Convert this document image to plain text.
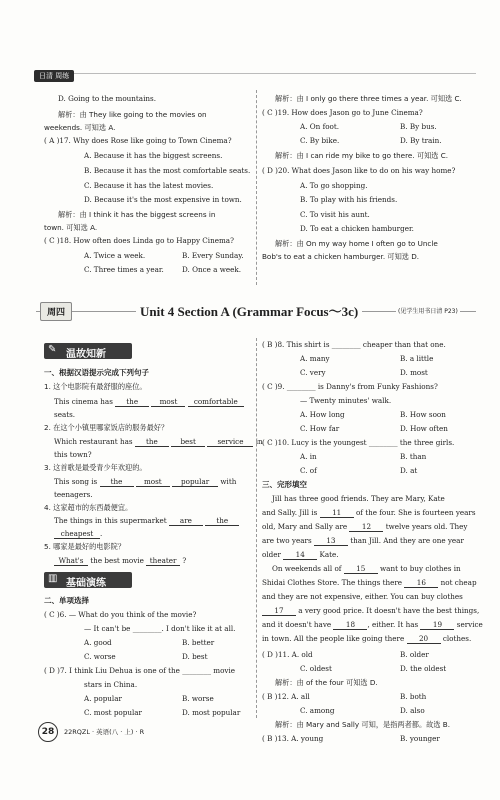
日清 周练
D. Going to the mountains.
解析：由 They like going to the movies on
weekends. 可知选 A.
( A )17. Why does Rose like going to Town Cinema?
A. Because it has the biggest screens.
B. Because it has the most comfortable seats.
C. Because it has the latest movies.
D. Because it's the most expensive in town.
解析：由 I think it has the biggest screens in
town. 可知选 A.
( C )18. How often does Linda go to Happy Cinema?
A. Twice a week.	B. Every Sunday.
C. Three times a year.	D. Once a week.
解析：由 I only go there three times a year. 可知选 C.
( C )19. How does Jason go to June Cinema?
A. On foot.	B. By bus.
C. By bike.	D. By train.
解析：由 I can ride my bike to go there. 可知选 C.
( D )20. What does Jason like to do on his way home?
A. To go shopping.
B. To play with his friends.
C. To visit his aunt.
D. To eat a chicken hamburger.
解析：由 On my way home I often go to Uncle
Bob's to eat a chicken hamburger. 可知选 D.
周四	Unit 4 Section A (Grammar Focus～3c)	(见学生用书日清 P23)
✎ 温故知新
一、根据汉语提示完成下列句子
1. 这个电影院有最舒服的座位。
This cinema has the	most comfortable
seats.
2. 在这个小镇里哪家饭店的服务最好？
Which restaurant has the	best	service in
this town?
3. 这首歌是最受青少年欢迎的。
This song is the	most	popular with
teenagers.
4. 这家超市的东西最便宜。
The things in this supermarket are	the
cheapest .
5. 哪家是最好的电影院？
What's the best movie theater ?
▥ 基础演练
二、单项选择
( C )6. — What do you think of the movie?
— It can't be ________. I don't like it at all.
A. good	B. better
C. worse	D. best
( D )7. I think Liu Dehua is one of the ________ movie
stars in China.
A. popular	B. worse
C. most popular	D. most popular
( B )8. This shirt is ________ cheaper than that one.
A. many	B. a little
C. very	D. most
( C )9. ________ is Danny's from Funky Fashions?
— Twenty minutes' walk.
A. How long	B. How soon
C. How far	D. How often
( C )10. Lucy is the youngest ________ the three girls.
A. in	B. than
C. of	D. at
三、完形填空
Jill has three good friends. They are Mary, Kate
and Sally. Jill is 11 of the four. She is fourteen years
old, Mary and Sally are 12 twelve years old. They
are two years 13 than Jill. And they are one year
older 14 Kate.
On weekends all of 15 want to buy clothes in
Shidai Clothes Store. The things there 16 not cheap
and they are not expensive, either. You can buy clothes
17 a very good price. It doesn't have the best things,
and it doesn't have 18 , either. It has 19 service
in town. All the people like going there 20 clothes.
( D )11. A. old	B. older
C. oldest	D. the oldest
解析：由 of the four 可知选 D.
( B )12. A. all	B. both
C. among	D. also
解析：由 Mary and Sally 可知，是指两者都。故选 B.
( B )13. A. young	B. younger
28	22RQZL · 英语(八 · 上) · R
